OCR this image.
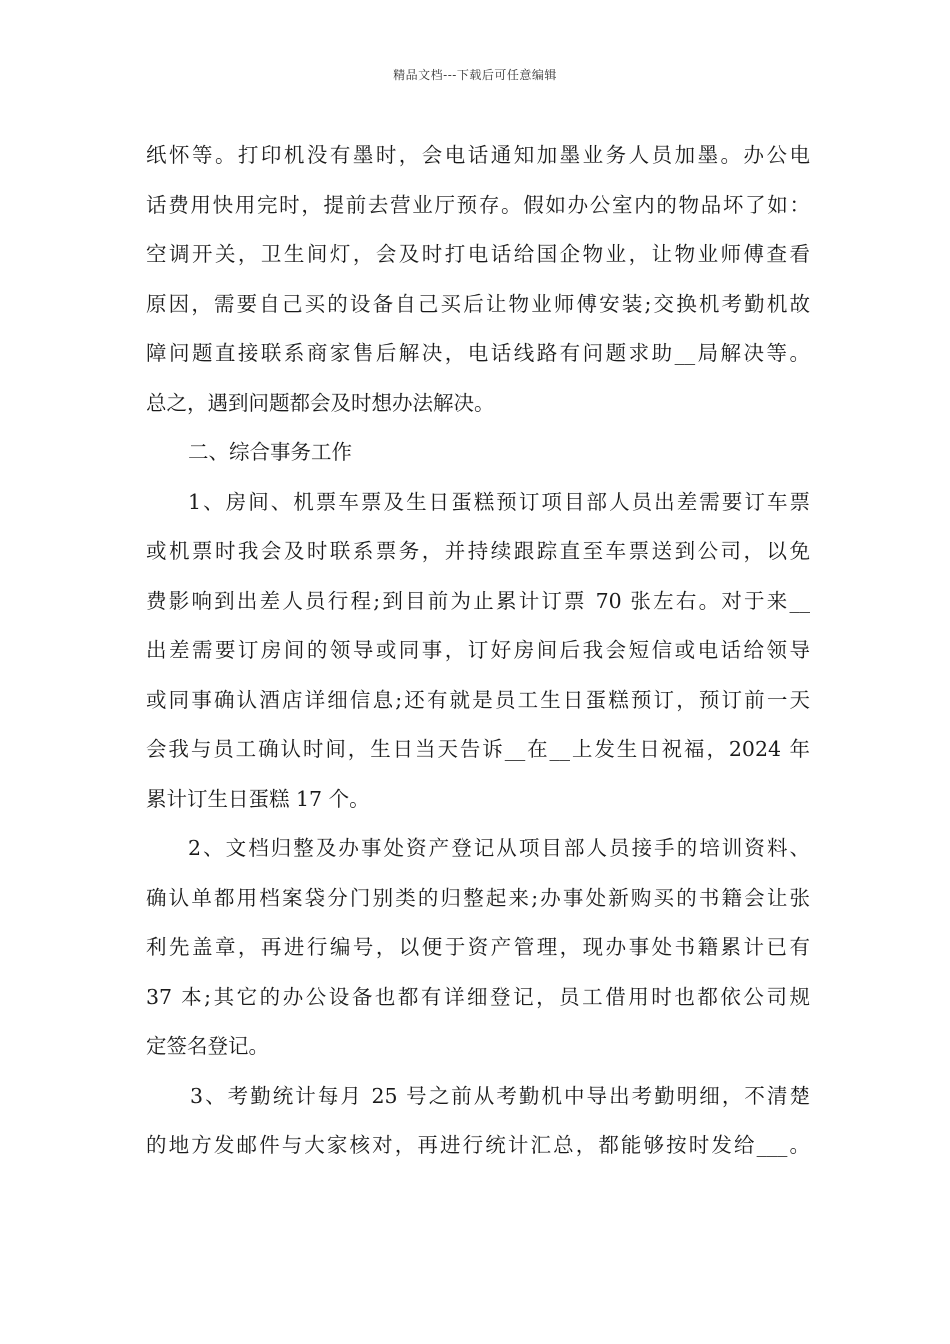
精品文档---下载后可任意编辑
纸怀等。打印机没有墨时，会电话通知加墨业务人员加墨。办公电
话费用快用完时，提前去营业厅预存。假如办公室内的物品坏了如：
空调开关，卫生间灯，会及时打电话给国企物业，让物业师傅查看
原因，需要自己买的设备自己买后让物业师傅安装;交换机考勤机故
障问题直接联系商家售后解决，电话线路有问题求助__局解决等。
总之，遇到问题都会及时想办法解决。
二、综合事务工作
1、房间、机票车票及生日蛋糕预订项目部人员出差需要订车票
或机票时我会及时联系票务，并持续跟踪直至车票送到公司，以免
费影响到出差人员行程;到目前为止累计订票 70 张左右。对于来__
出差需要订房间的领导或同事，订好房间后我会短信或电话给领导
或同事确认酒店详细信息;还有就是员工生日蛋糕预订，预订前一天
会我与员工确认时间，生日当天告诉__在__上发生日祝福，2024 年
累计订生日蛋糕 17 个。
2、文档归整及办事处资产登记从项目部人员接手的培训资料、
确认单都用档案袋分门别类的归整起来;办事处新购买的书籍会让张
利先盖章，再进行编号，以便于资产管理，现办事处书籍累计已有
37 本;其它的办公设备也都有详细登记，员工借用时也都依公司规
定签名登记。
3、考勤统计每月 25 号之前从考勤机中导出考勤明细，不清楚
的地方发邮件与大家核对，再进行统计汇总，都能够按时发给___。
